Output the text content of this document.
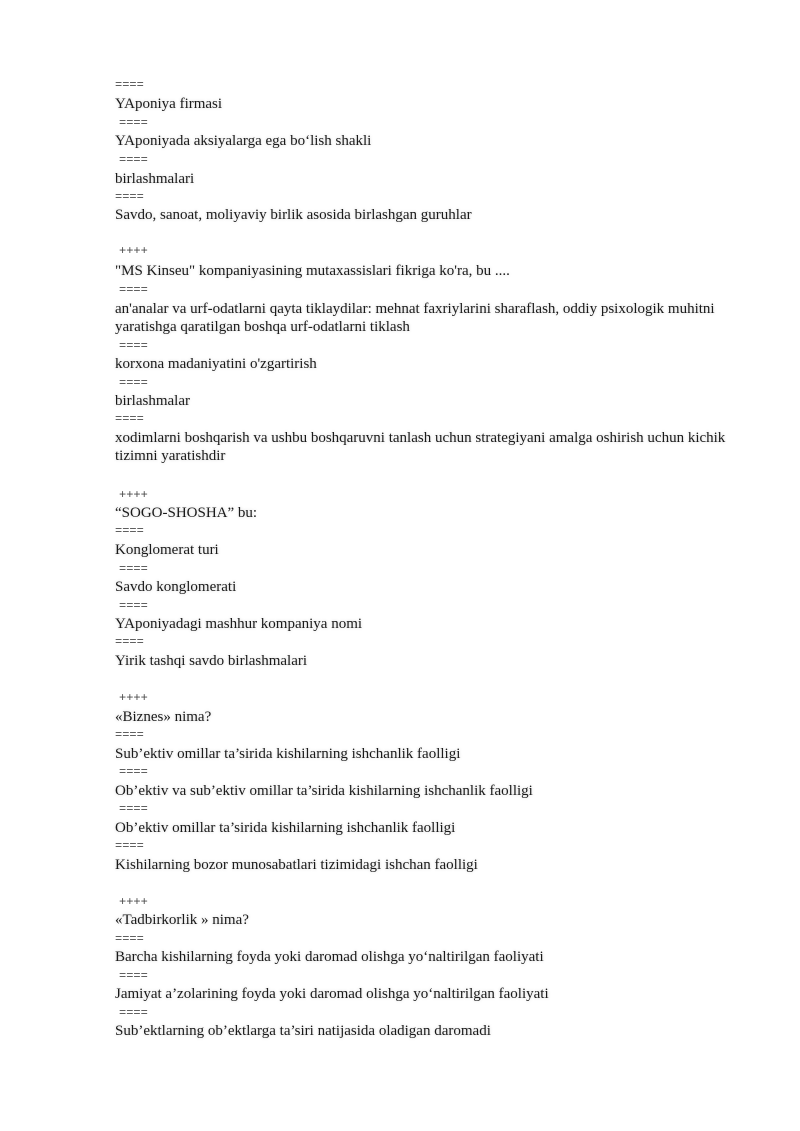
====
YAponiya firmasi
====
YAponiyada aksiyalarga ega bo‘lish shakli
====
birlashmalari
====
Savdo, sanoat, moliyaviy birlik asosida birlashgan guruhlar
++++
"MS Kinseu" kompaniyasining mutaxassislari fikriga ko'ra, bu ....
====
an'analar va urf-odatlarni qayta tiklaydilar: mehnat faxriylarini sharaflash, oddiy psixologik muhitni yaratishga qaratilgan boshqa urf-odatlarni tiklash
====
korxona madaniyatini o'zgartirish
====
birlashmalar
====
xodimlarni boshqarish va ushbu boshqaruvni tanlash uchun strategiyani amalga oshirish uchun kichik tizimni yaratishdir
++++
“SOGO-SHOSHA” bu:
====
Konglomerat turi
====
Savdo konglomerati
====
YAponiyadagi mashhur kompaniya nomi
====
Yirik tashqi savdo birlashmalari
++++
«Biznes» nima?
====
Sub’ektiv omillar ta’sirida kishilarning ishchanlik faolligi
====
Ob’ektiv va sub’ektiv omillar ta’sirida kishilarning ishchanlik faolligi
====
Ob’ektiv omillar ta’sirida kishilarning ishchanlik faolligi
====
Kishilarning bozor munosabatlari tizimidagi ishchan faolligi
++++
«Tadbirkorlik » nima?
====
Barcha kishilarning foyda yoki daromad olishga yo‘naltirilgan faoliyati
====
Jamiyat a’zolarining foyda yoki daromad olishga yo‘naltirilgan faoliyati
====
Sub’ektlarning ob’ektlarga ta’siri natijasida oladigan daromadi
